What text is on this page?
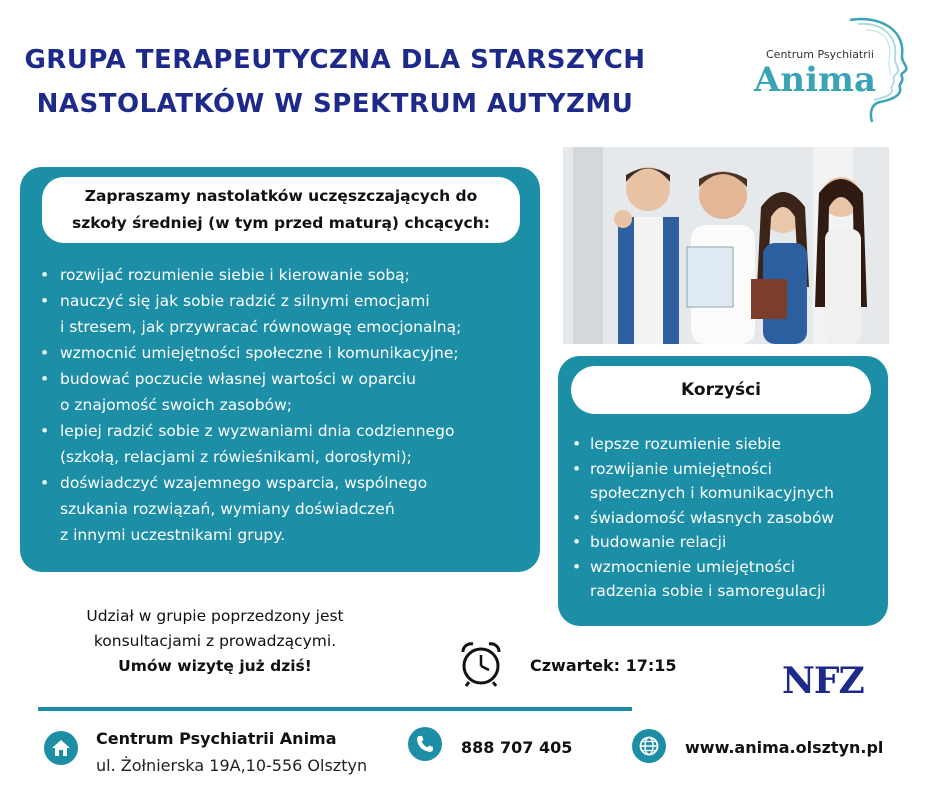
GRUPA TERAPEUTYCZNA DLA STARSZYCH
NASTOLATKÓW W SPEKTRUM AUTYZMU
Centrum Psychiatrii
Anima
Zapraszamy nastolatków uczęszczających do
szkoły średniej (w tym przed maturą) chcących:
• rozwijać rozumienie siebie i kierowanie sobą;
• nauczyć się jak sobie radzić z silnymi emocjami
i stresem, jak przywracać równowagę emocjonalną;
• wzmocnić umiejętności społeczne i komunikacyjne;
• budować poczucie własnej wartości w oparciu
o znajomość swoich zasobów;
• lepiej radzić sobie z wyzwaniami dnia codziennego
(szkołą, relacjami z rówieśnikami, dorosłymi);
• doświadczyć wzajemnego wsparcia, wspólnego
szukania rozwiązań, wymiany doświadczeń
z innymi uczestnikami grupy.
Korzyści
• lepsze rozumienie siebie
• rozwijanie umiejętności
społecznych i komunikacyjnych
• świadomość własnych zasobów
• budowanie relacji
• wzmocnienie umiejętności
radzenia sobie i samoregulacji
Udział w grupie poprzedzony jest
konsultacjami z prowadzącymi.
Umów wizytę już dziś!	Czwartek: 17:15	NFZ
Centrum Psychiatrii Anima
ul. Żołnierska 19A,10-556 Olsztyn
888 707 405	www.anima.olsztyn.pl
